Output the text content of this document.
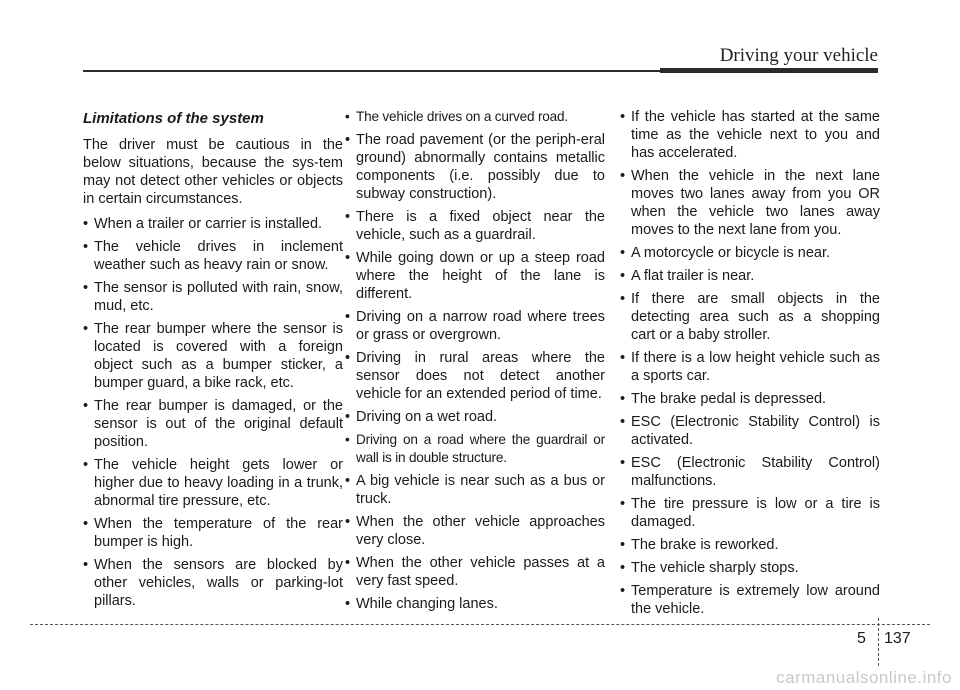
Driving your vehicle
Limitations of the system

The driver must be cautious in the below situations, because the sys-tem may not detect other vehicles or objects in certain circumstances.

• When a trailer or carrier is installed.
• The vehicle drives in inclement weather such as heavy rain or snow.
• The sensor is polluted with rain, snow, mud, etc.
• The rear bumper where the sensor is located is covered with a foreign object such as a bumper sticker, a bumper guard, a bike rack, etc.
• The rear bumper is damaged, or the sensor is out of the original default position.
• The vehicle height gets lower or higher due to heavy loading in a trunk, abnormal tire pressure, etc.
• When the temperature of the rear bumper is high.
• When the sensors are blocked by other vehicles, walls or parking-lot pillars.
• The vehicle drives on a curved road.
• The road pavement (or the periph-eral ground) abnormally contains metallic components (i.e. possibly due to subway construction).
• There is a fixed object near the vehicle, such as a guardrail.
• While going down or up a steep road where the height of the lane is different.
• Driving on a narrow road where trees or grass or overgrown.
• Driving in rural areas where the sensor does not detect another vehicle for an extended period of time.
• Driving on a wet road.
• Driving on a road where the guardrail or wall is in double structure.
• A big vehicle is near such as a bus or truck.
• When the other vehicle approaches very close.
• When the other vehicle passes at a very fast speed.
• While changing lanes.
• If the vehicle has started at the same time as the vehicle next to you and has accelerated.
• When the vehicle in the next lane moves two lanes away from you OR when the vehicle two lanes away moves to the next lane from you.
• A motorcycle or bicycle is near.
• A flat trailer is near.
• If there are small objects in the detecting area such as a shopping cart or a baby stroller.
• If there is a low height vehicle such as a sports car.
• The brake pedal is depressed.
• ESC (Electronic Stability Control) is activated.
• ESC (Electronic Stability Control) malfunctions.
• The tire pressure is low or a tire is damaged.
• The brake is reworked.
• The vehicle sharply stops.
• Temperature is extremely low around the vehicle.
5 137
carmanualsonline.info
